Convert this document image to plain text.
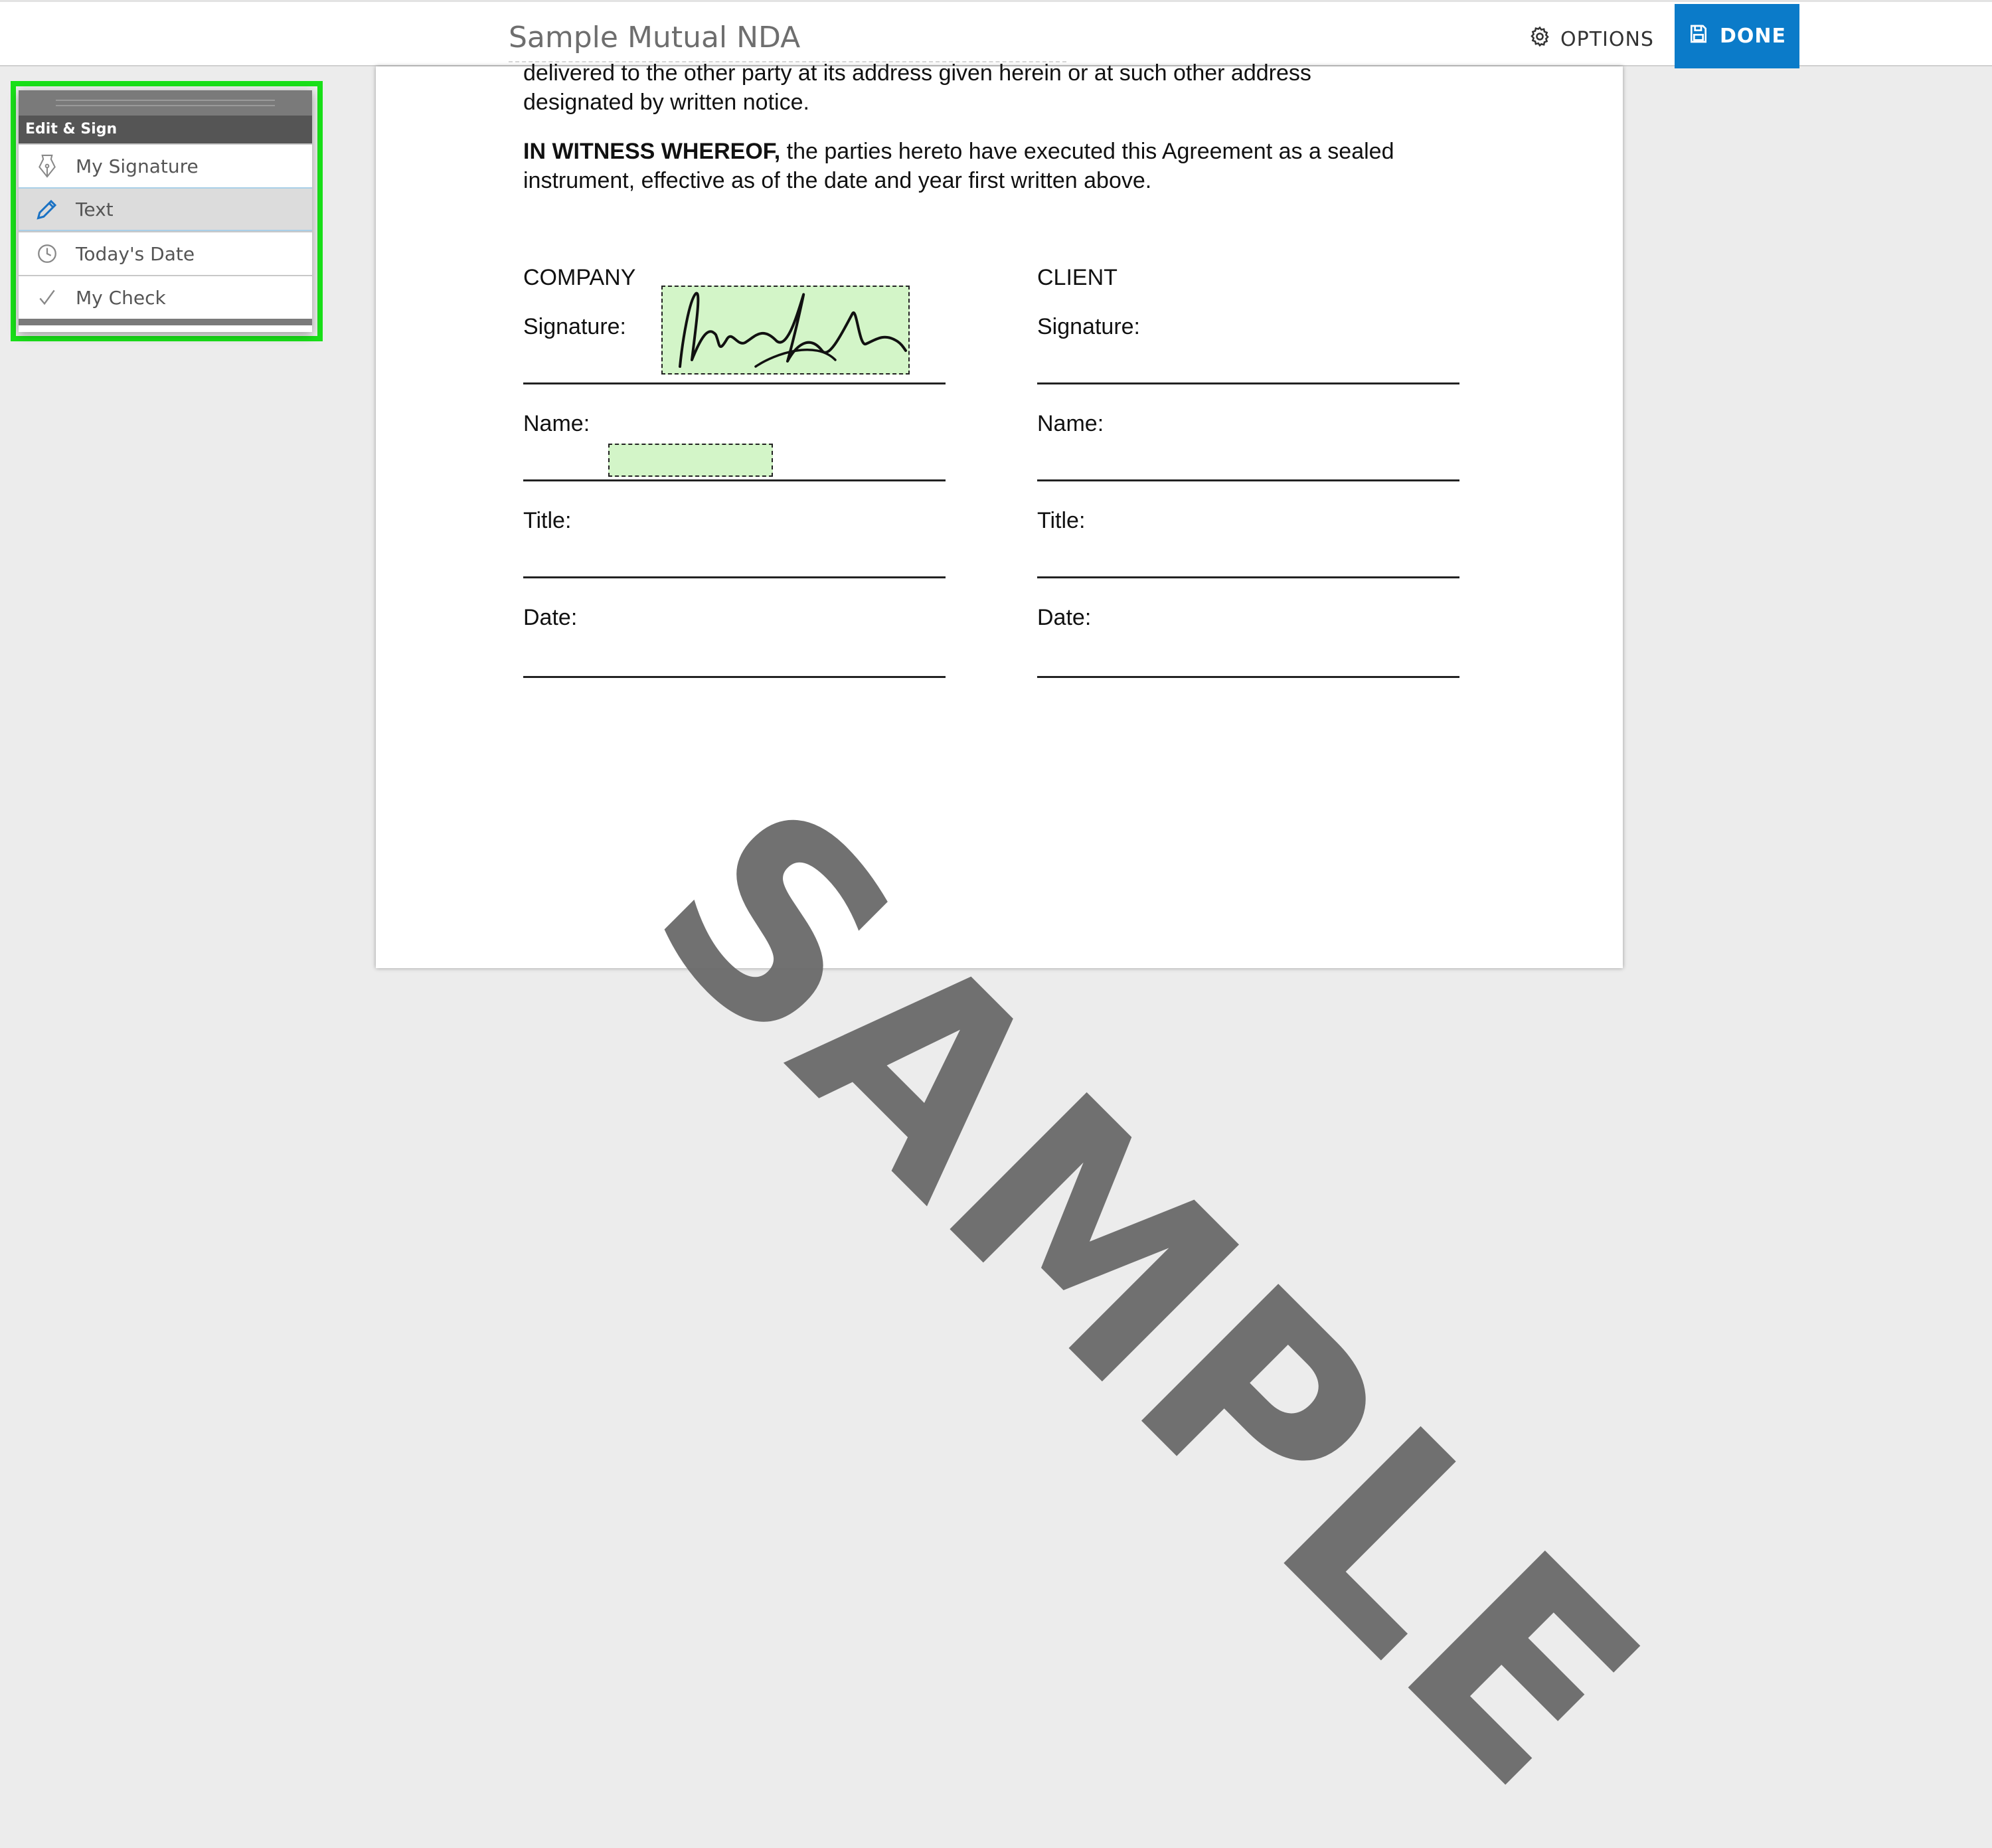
Sample Mutual NDA	OPTIONS	DONE
delivered to the other party at its address given herein or at such other address
designated by written notice.
IN WITNESS WHEREOF, the parties hereto have executed this Agreement as a sealed
instrument, effective as of the date and year first written above.
COMPANY
Signature:
Name:
Title:
Date:
CLIENT
Signature:
Name:
Title:
Date:
SAMPLE
Edit & Sign
My Signature
Text
Today's Date
My Check
